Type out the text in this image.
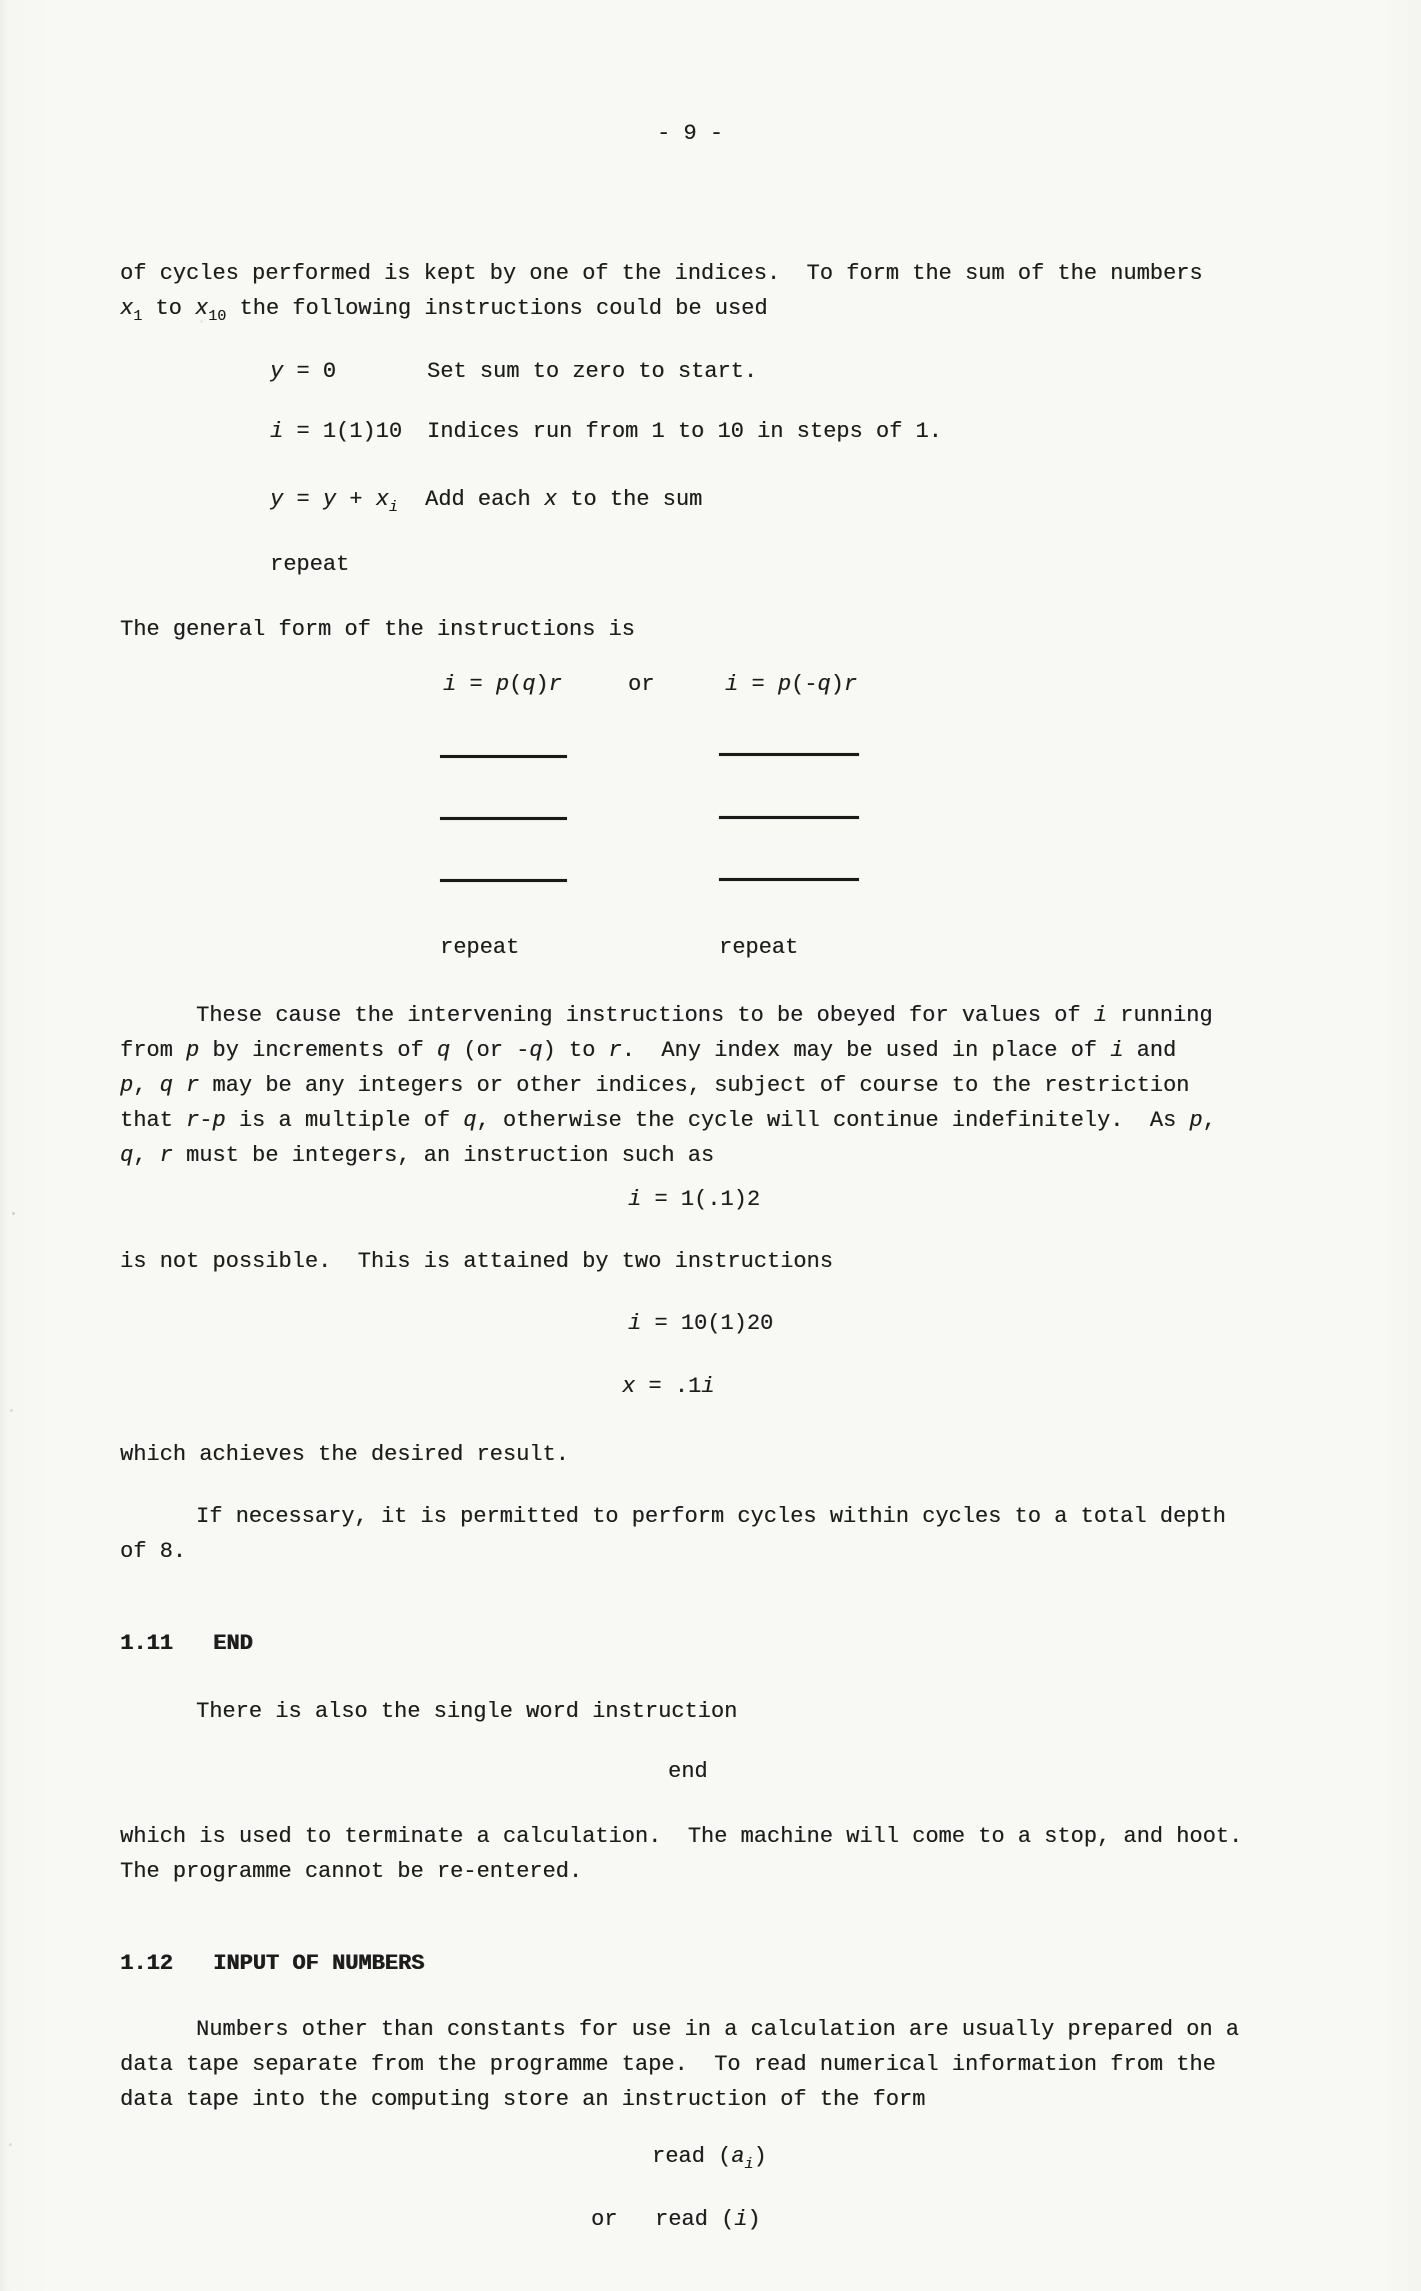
- 9 -
of cycles performed is kept by one of the indices.  To form the sum of the numbers
$x_1$ to $x_{10}$ the following instructions could be used
y = 0	Set sum to zero to start.
i = 1(1)10 Indices run from 1 to 10 in steps of 1.
$y = y + x_i$ Add each x to the sum
repeat
The general form of the instructions is
i = p(q)r	or	i = p(-q)r
repeat	repeat
These cause the intervening instructions to be obeyed for values of i running
from p by increments of q (or -q) to r.  Any index may be used in place of i and
p, q r may be any integers or other indices, subject of course to the restriction
that r-p is a multiple of q, otherwise the cycle will continue indefinitely.  As p,
q, r must be integers, an instruction such as
i = 1(.1)2
is not possible.  This is attained by two instructions
i = 10(1)20
x = .1i
which achieves the desired result.
If necessary, it is permitted to perform cycles within cycles to a total depth
of 8.
1.11 END
There is also the single word instruction
end
which is used to terminate a calculation.  The machine will come to a stop, and hoot.
The programme cannot be re-entered.
1.12 INPUT OF NUMBERS
Numbers other than constants for use in a calculation are usually prepared on a
data tape separate from the programme tape.  To read numerical information from the
data tape into the computing store an instruction of the form
read $(a_i)$
or read (i)
